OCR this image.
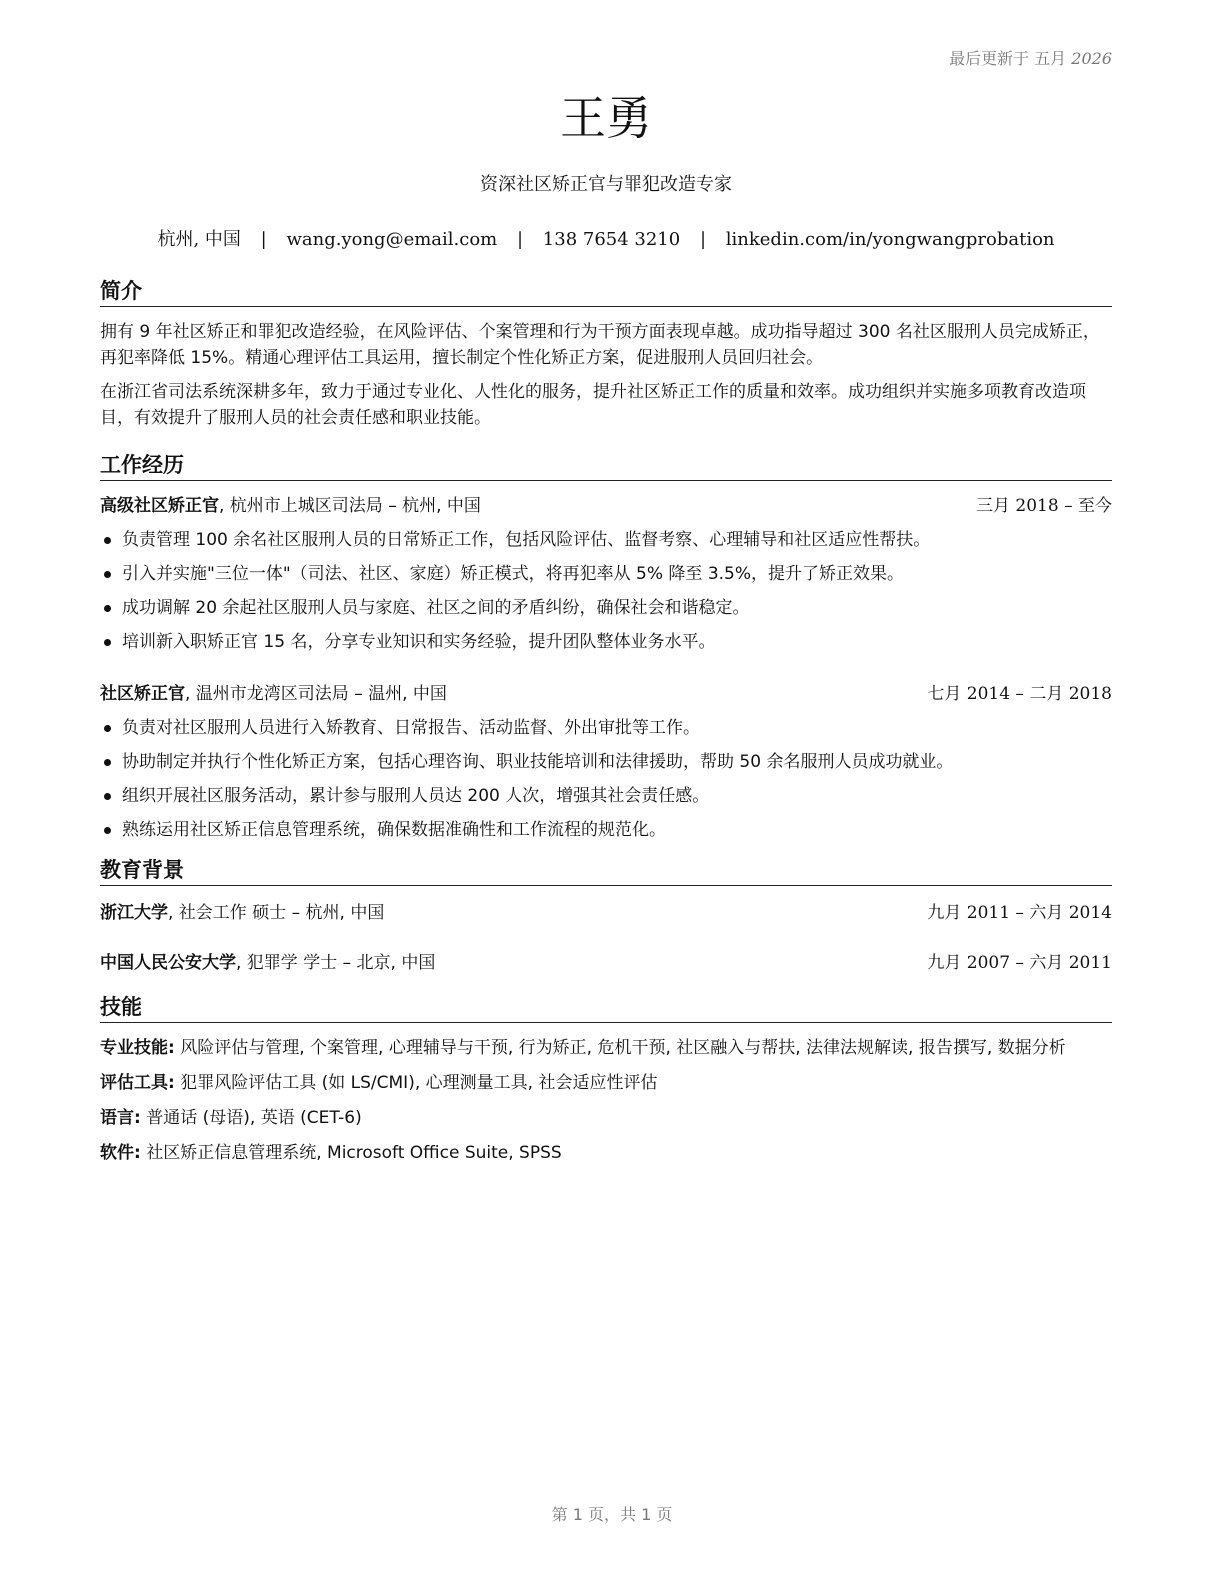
最后更新于 五月 2026
王勇
资深社区矫正官与罪犯改造专家
杭州, 中国 | wang.yong@email.com | 138 7654 3210 | linkedin.com/in/yongwangprobation
简介
拥有 9 年社区矫正和罪犯改造经验，在风险评估、个案管理和行为干预方面表现卓越。成功指导超过 300 名社区服刑人员完成矫正，再犯率降低 15%。精通心理评估工具运用，擅长制定个性化矫正方案，促进服刑人员回归社会。
在浙江省司法系统深耕多年，致力于通过专业化、人性化的服务，提升社区矫正工作的质量和效率。成功组织并实施多项教育改造项目，有效提升了服刑人员的社会责任感和职业技能。
工作经历
高级社区矫正官, 杭州市上城区司法局 – 杭州, 中国	三月 2018 – 至今
负责管理 100 余名社区服刑人员的日常矫正工作，包括风险评估、监督考察、心理辅导和社区适应性帮扶。
引入并实施"三位一体"（司法、社区、家庭）矫正模式，将再犯率从 5% 降至 3.5%，提升了矫正效果。
成功调解 20 余起社区服刑人员与家庭、社区之间的矛盾纠纷，确保社会和谐稳定。
培训新入职矫正官 15 名，分享专业知识和实务经验，提升团队整体业务水平。
社区矫正官, 温州市龙湾区司法局 – 温州, 中国	七月 2014 – 二月 2018
负责对社区服刑人员进行入矫教育、日常报告、活动监督、外出审批等工作。
协助制定并执行个性化矫正方案，包括心理咨询、职业技能培训和法律援助，帮助 50 余名服刑人员成功就业。
组织开展社区服务活动，累计参与服刑人员达 200 人次，增强其社会责任感。
熟练运用社区矫正信息管理系统，确保数据准确性和工作流程的规范化。
教育背景
浙江大学, 社会工作 硕士 – 杭州, 中国	九月 2011 – 六月 2014
中国人民公安大学, 犯罪学 学士 – 北京, 中国	九月 2007 – 六月 2011
技能
专业技能: 风险评估与管理, 个案管理, 心理辅导与干预, 行为矫正, 危机干预, 社区融入与帮扶, 法律法规解读, 报告撰写, 数据分析
评估工具: 犯罪风险评估工具 (如 LS/CMI), 心理测量工具, 社会适应性评估
语言: 普通话 (母语), 英语 (CET-6)
软件: 社区矫正信息管理系统, Microsoft Office Suite, SPSS
第 1 页，共 1 页
